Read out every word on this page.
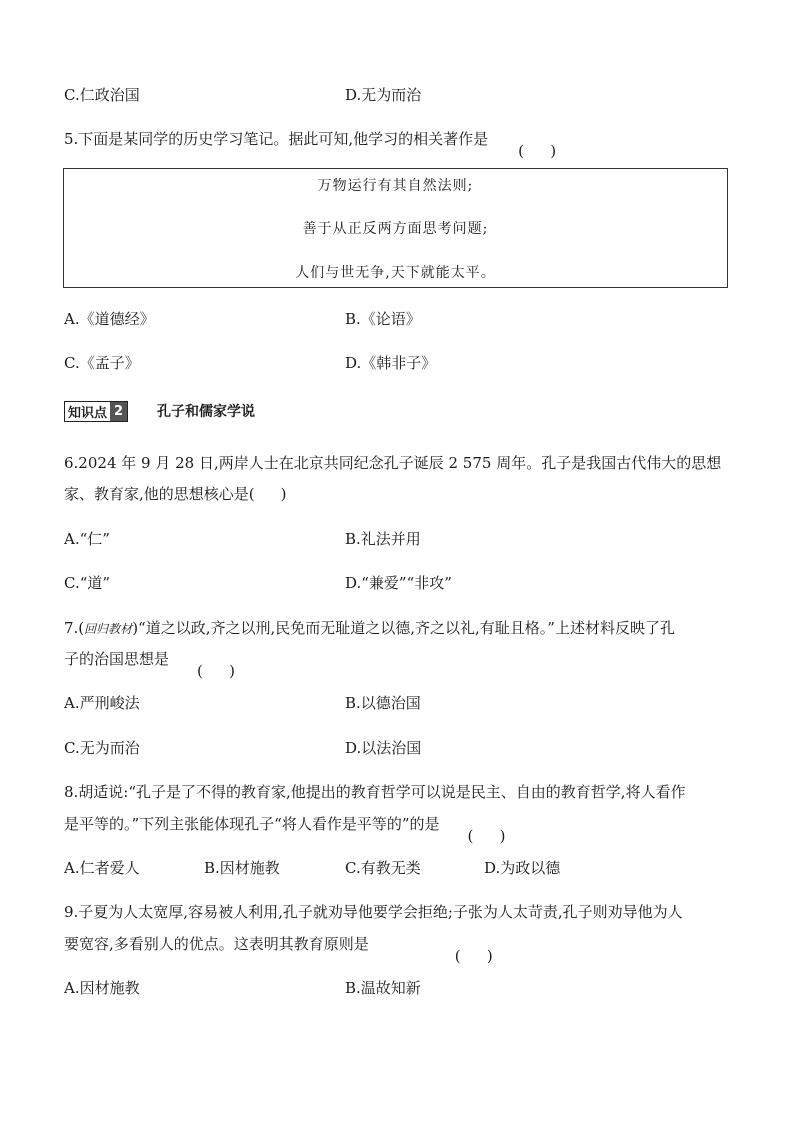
C.仁政治国	D.无为而治
5.下面是某同学的历史学习笔记。据此可知,他学习的相关著作是
万物运行有其自然法则;
善于从正反两方面思考问题;
人们与世无争,天下就能太平。
A.《道德经》	B.《论语》
C.《孟子》	D.《韩非子》
知识点 2 孔子和儒家学说
6.2024 年 9 月 28 日,两岸人士在北京共同纪念孔子诞辰 2 575 周年。孔子是我国古代伟大的思想
家、教育家,他的思想核心是( )
A.“仁”	B.礼法并用
C.“道”	D.“兼爱”“非攻”
7.(回归教材)“道之以政,齐之以刑,民免而无耻道之以德,齐之以礼,有耻且格。”上述材料反映了孔
子的治国思想是
A.严刑峻法	B.以德治国
C.无为而治	D.以法治国
8.胡适说:“孔子是了不得的教育家,他提出的教育哲学可以说是民主、自由的教育哲学,将人看作
是平等的。”下列主张能体现孔子“将人看作是平等的”的是
A.仁者爱人	B.因材施教	C.有教无类	D.为政以德
9.子夏为人太宽厚,容易被人利用,孔子就劝导他要学会拒绝;子张为人太苛责,孔子则劝导他为人
要宽容,多看别人的优点。这表明其教育原则是
A.因材施教	B.温故知新
